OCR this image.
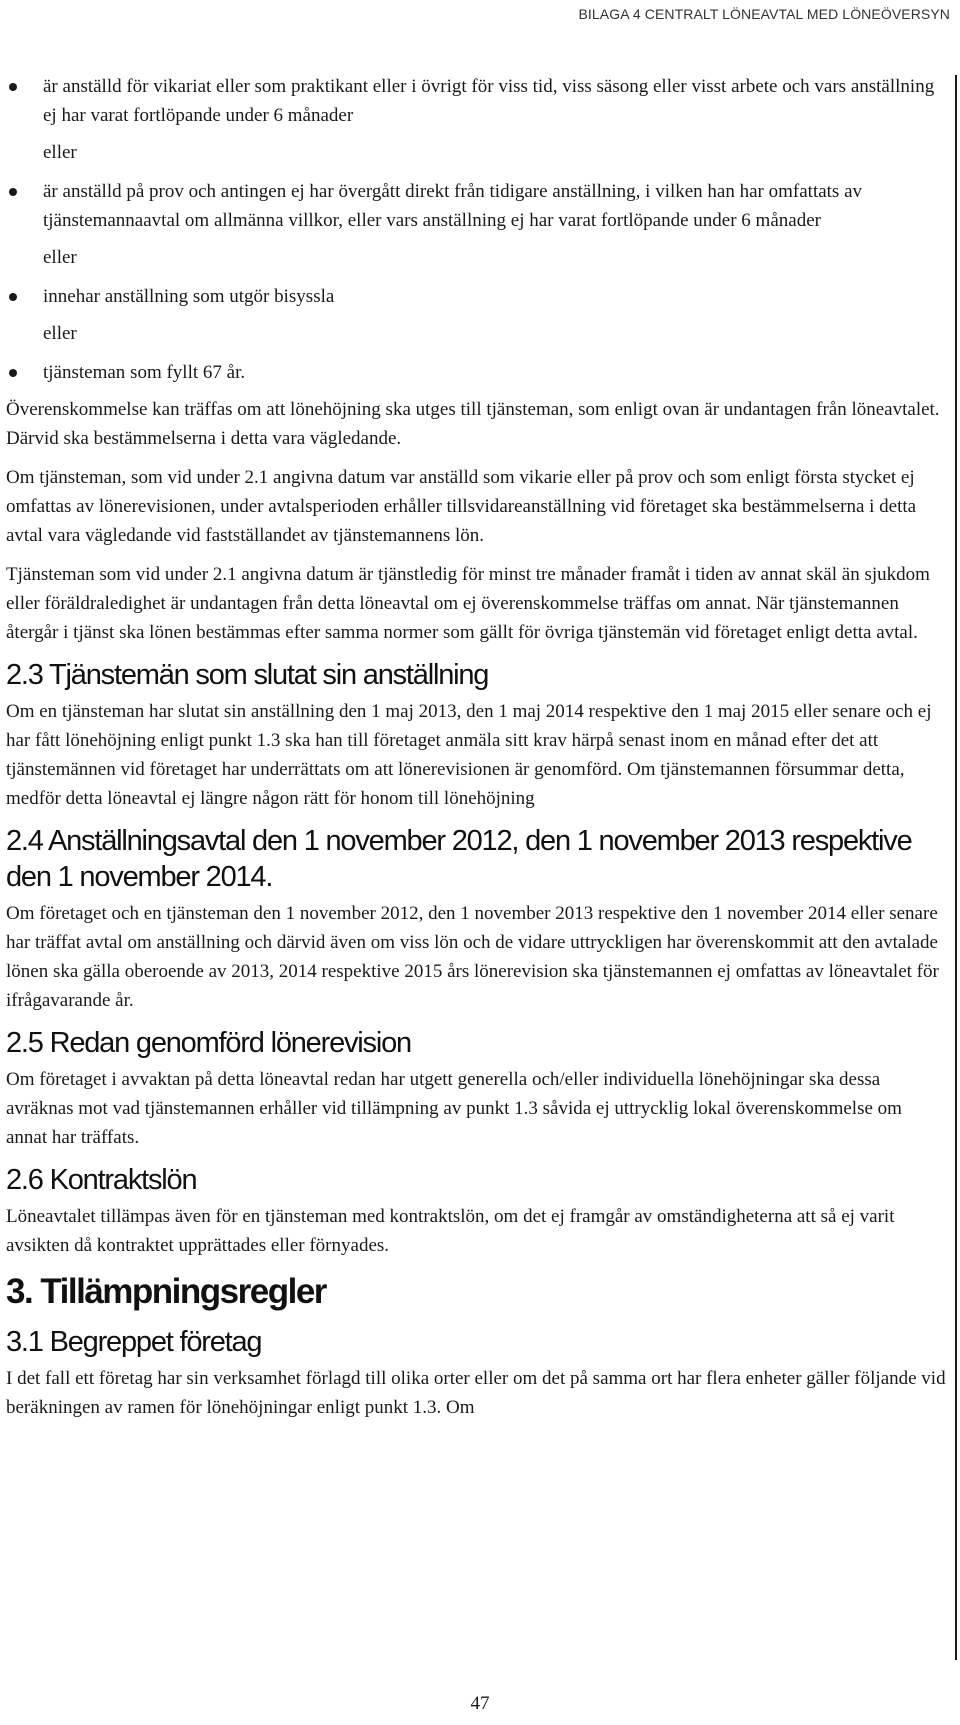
BILAGA 4 CENTRALT LÖNEAVTAL MED LÖNEÖVERSYN
är anställd för vikariat eller som praktikant eller i övrigt för viss tid, viss säsong eller visst arbete och vars anställning ej har varat fortlöpande under 6 månader
eller
är anställd på prov och antingen ej har övergått direkt från tidigare anställning, i vilken han har omfattats av tjänstemannaavtal om allmänna villkor, eller vars anställning ej har varat fortlöpande under 6 månader
eller
innehar anställning som utgör bisyssla
eller
tjänsteman som fyllt 67 år.

Överenskommelse kan träffas om att lönehöjning ska utges till tjänsteman, som enligt ovan är undantagen från löneavtalet. Därvid ska bestämmelserna i detta vara vägledande.

Om tjänsteman, som vid under 2.1 angivna datum var anställd som vikarie eller på prov och som enligt första stycket ej omfattas av lönerevisionen, under avtalsperioden erhåller tillsvidareanställning vid företaget ska bestämmelserna i detta avtal vara vägledande vid fastställandet av tjänstemannens lön.

Tjänsteman som vid under 2.1 angivna datum är tjänstledig för minst tre månader framåt i tiden av annat skäl än sjukdom eller föräldraledighet är undantagen från detta löneavtal om ej överenskommelse träffas om annat. När tjänstemannen återgår i tjänst ska lönen bestämmas efter samma normer som gällt för övriga tjänstemän vid företaget enligt detta avtal.

2.3 Tjänstemän som slutat sin anställning

Om en tjänsteman har slutat sin anställning den 1 maj 2013, den 1 maj 2014 respektive den 1 maj 2015 eller senare och ej har fått lönehöjning enligt punkt 1.3 ska han till företaget anmäla sitt krav härpå senast inom en månad efter det att tjänstemännen vid företaget har underrättats om att lönerevisionen är genomförd. Om tjänstemannen försummar detta, medför detta löneavtal ej längre någon rätt för honom till lönehöjning

2.4 Anställningsavtal den 1 november 2012, den 1 november 2013 respektive den 1 november 2014.

Om företaget och en tjänsteman den 1 november 2012, den 1 november 2013 respektive den 1 november 2014 eller senare har träffat avtal om anställning och därvid även om viss lön och de vidare uttryckligen har överenskommit att den avtalade lönen ska gälla oberoende av 2013, 2014 respektive 2015 års lönerevision ska tjänstemannen ej omfattas av löneavtalet för ifrågavarande år.

2.5 Redan genomförd lönerevision

Om företaget i avvaktan på detta löneavtal redan har utgett generella och/eller individuella lönehöjningar ska dessa avräknas mot vad tjänstemannen erhåller vid tillämpning av punkt 1.3 såvida ej uttrycklig lokal överenskommelse om annat har träffats.

2.6 Kontraktslön

Löneavtalet tillämpas även för en tjänsteman med kontraktslön, om det ej framgår av omständigheterna att så ej varit avsikten då kontraktet upprättades eller förnyades.

3. Tillämpningsregler
3.1 Begreppet företag

I det fall ett företag har sin verksamhet förlagd till olika orter eller om det på samma ort har flera enheter gäller följande vid beräkningen av ramen för lönehöjningar enligt punkt 1.3. Om

47
